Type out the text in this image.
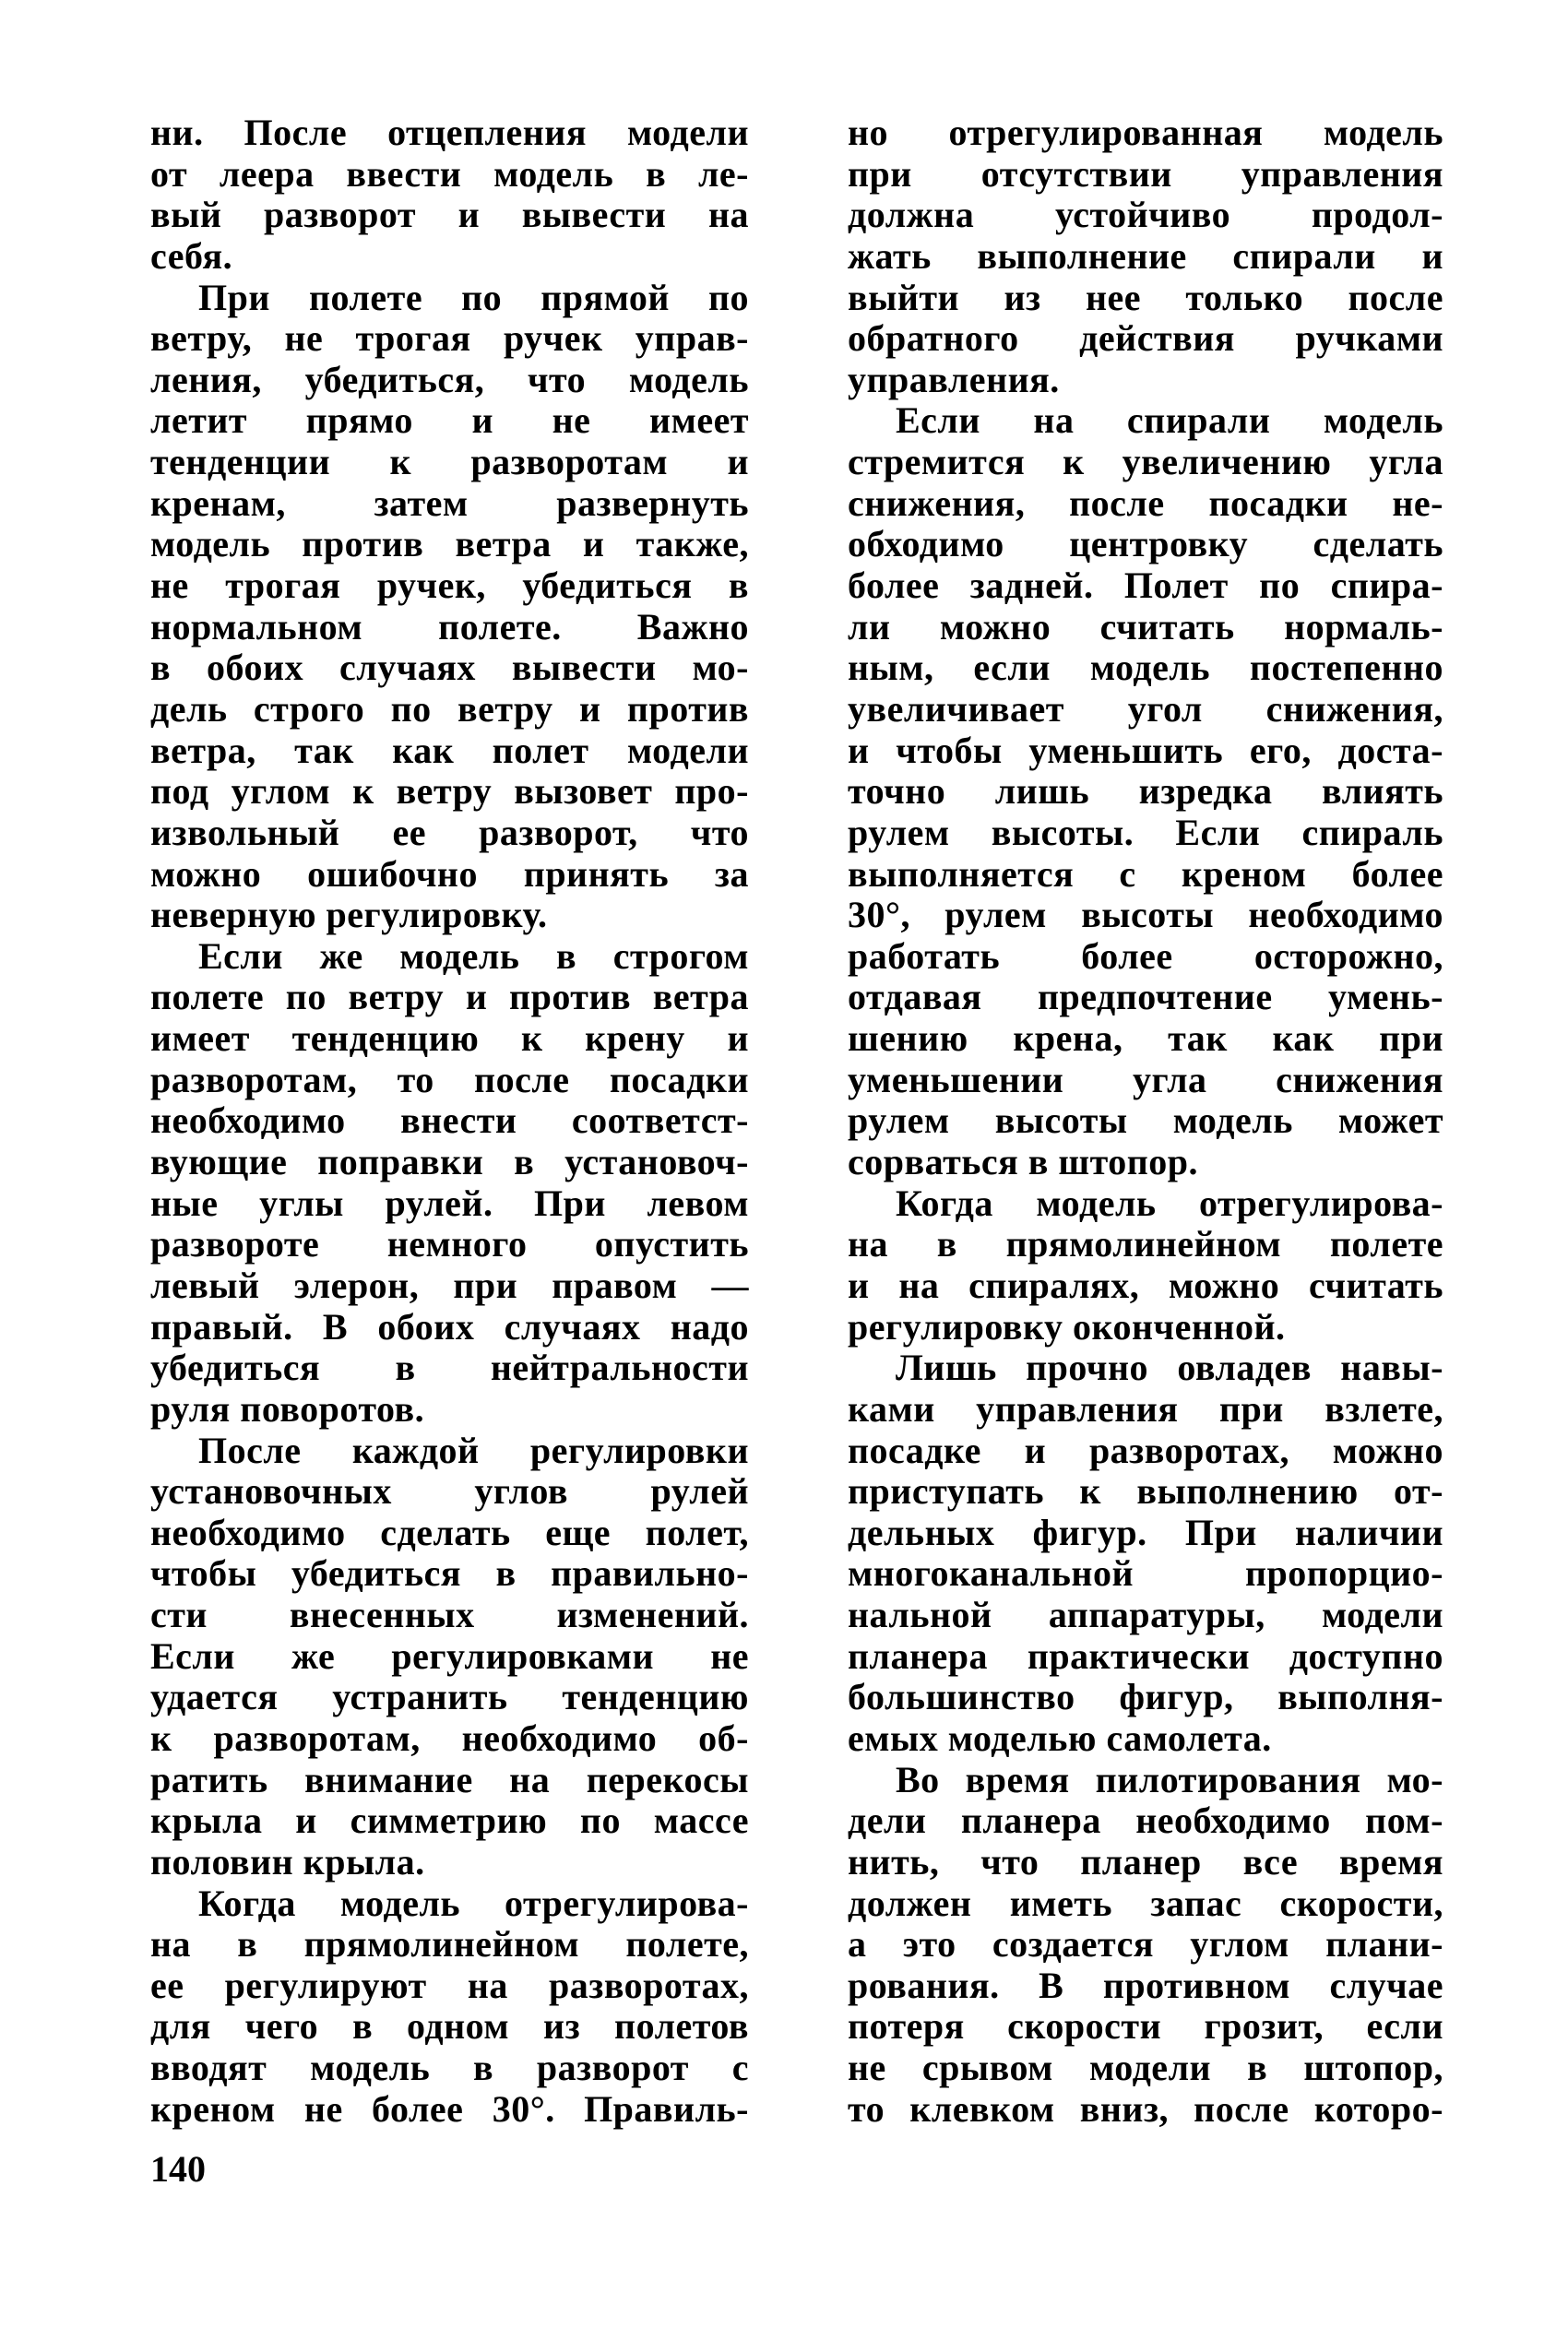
ни. После отцепления модели
от леера ввести модель в ле-
вый разворот и вывести на
себя.
При полете по прямой по
ветру, не трогая ручек управ-
ления, убедиться, что модель
летит прямо и не имеет
тенденции к разворотам и
кренам, затем развернуть
модель против ветра и также,
не трогая ручек, убедиться в
нормальном полете. Важно
в обоих случаях вывести мо-
дель строго по ветру и против
ветра, так как полет модели
под углом к ветру вызовет про-
извольный ее разворот, что
можно ошибочно принять за
неверную регулировку.
Если же модель в строгом
полете по ветру и против ветра
имеет тенденцию к крену и
разворотам, то после посадки
необходимо внести соответст-
вующие поправки в установоч-
ные углы рулей. При левом
развороте немного опустить
левый элерон, при правом —
правый. В обоих случаях надо
убедиться в нейтральности
руля поворотов.
После каждой регулировки
установочных углов рулей
необходимо сделать еще полет,
чтобы убедиться в правильно-
сти внесенных изменений.
Если же регулировками не
удается устранить тенденцию
к разворотам, необходимо об-
ратить внимание на перекосы
крыла и симметрию по массе
половин крыла.
Когда модель отрегулирова-
на в прямолинейном полете,
ее регулируют на разворотах,
для чего в одном из полетов
вводят модель в разворот с
креном не более 30°. Правиль-
но отрегулированная модель
при отсутствии управления
должна устойчиво продол-
жать выполнение спирали и
выйти из нее только после
обратного действия ручками
управления.
Если на спирали модель
стремится к увеличению угла
снижения, после посадки не-
обходимо центровку сделать
более задней. Полет по спира-
ли можно считать нормаль-
ным, если модель постепенно
увеличивает угол снижения,
и чтобы уменьшить его, доста-
точно лишь изредка влиять
рулем высоты. Если спираль
выполняется с креном более
30°, рулем высоты необходимо
работать более осторожно,
отдавая предпочтение умень-
шению крена, так как при
уменьшении угла снижения
рулем высоты модель может
сорваться в штопор.
Когда модель отрегулирова-
на в прямолинейном полете
и на спиралях, можно считать
регулировку оконченной.
Лишь прочно овладев навы-
ками управления при взлете,
посадке и разворотах, можно
приступать к выполнению от-
дельных фигур. При наличии
многоканальной пропорцио-
нальной аппаратуры, модели
планера практически доступно
большинство фигур, выполня-
емых моделью самолета.
Во время пилотирования мо-
дели планера необходимо пом-
нить, что планер все время
должен иметь запас скорости,
а это создается углом плани-
рования. В противном случае
потеря скорости грозит, если
не срывом модели в штопор,
то клевком вниз, после которо-
140
